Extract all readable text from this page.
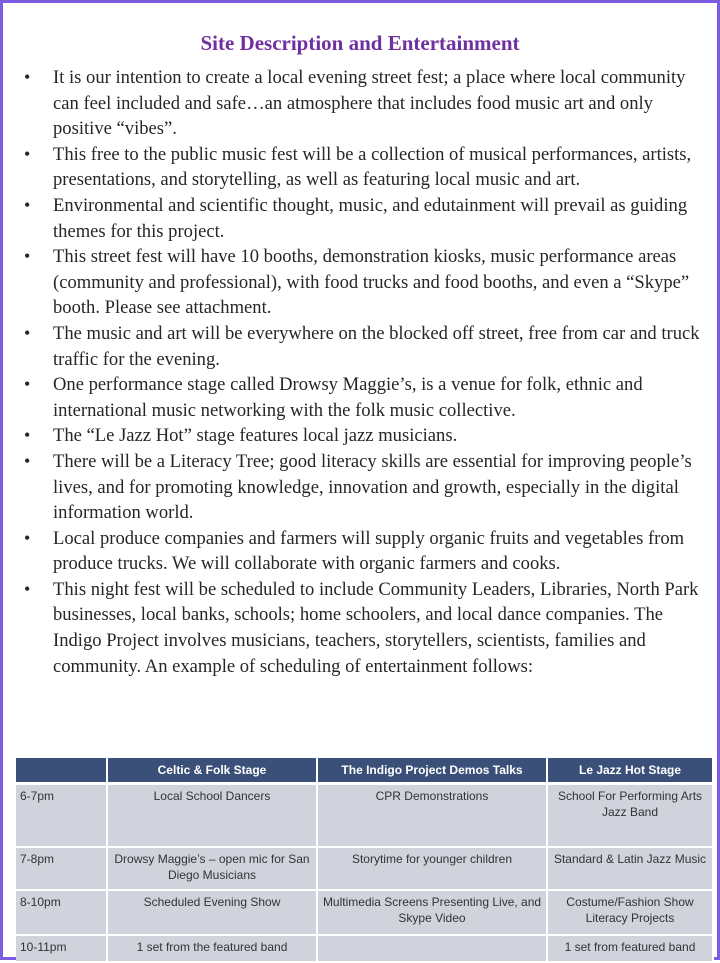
Site Description and Entertainment
• It is our intention to create a local evening street fest; a place where local community can feel included and safe…an atmosphere that includes food music art and only positive “vibes”.
• This free to the public music fest will be a collection of musical performances, artists, presentations, and storytelling, as well as featuring local music and art.
• Environmental and scientific thought, music, and edutainment will prevail as guiding themes for this project.
• This street fest will have 10 booths, demonstration kiosks, music performance areas (community and professional), with food trucks and food booths, and even a “Skype” booth. Please see attachment.
• The music and art will be everywhere on the blocked off street, free from car and truck traffic for the evening.
• One performance stage called Drowsy Maggie’s, is a venue for folk, ethnic and international music networking with the folk music collective.
• The “Le Jazz Hot” stage features local jazz musicians.
• There will be a Literacy Tree; good literacy skills are essential for improving people’s lives, and for promoting knowledge, innovation and growth, especially in the digital information world.
• Local produce companies and farmers will supply organic fruits and vegetables from produce trucks. We will collaborate with organic farmers and cooks.
• This night fest will be scheduled to include Community Leaders, Libraries, North Park businesses, local banks, schools; home schoolers, and local dance companies. The Indigo Project involves musicians, teachers, storytellers, scientists, families and community. An example of scheduling of entertainment follows:
	Celtic & Folk Stage	The Indigo Project Demos Talks	Le Jazz Hot Stage
6-7pm	Local School Dancers	CPR Demonstrations	School For Performing Arts Jazz Band
7-8pm	Drowsy Maggie’s – open mic for San Diego Musicians	Storytime for younger children	Standard & Latin Jazz Music
8-10pm	Scheduled Evening Show	Multimedia Screens Presenting Live, and Skype Video	Costume/Fashion Show Literacy Projects
10-11pm	1 set from the featured band		1 set from featured band
